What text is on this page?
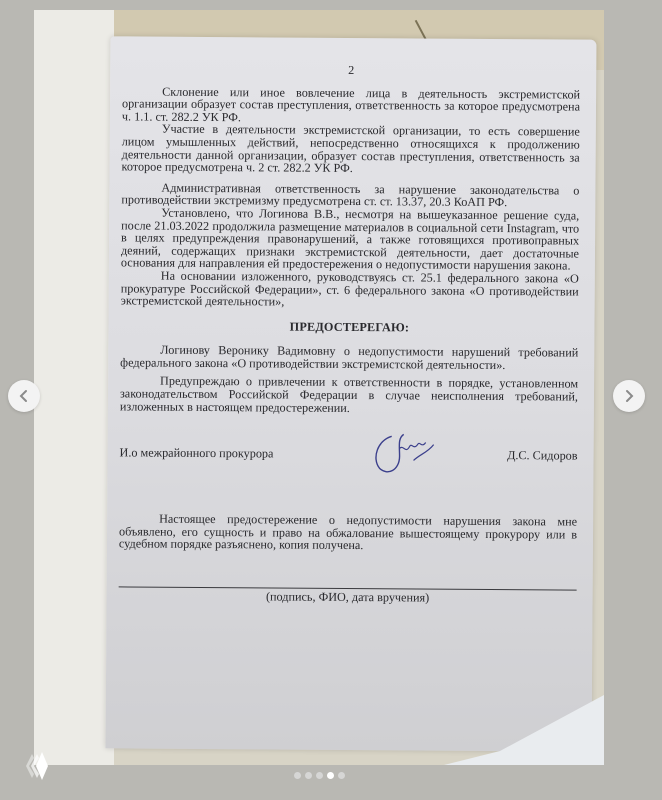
2

Склонение или иное вовлечение лица в деятельность экстремистской организации образует состав преступления, ответственность за которое предусмотрена ч. 1.1. ст. 282.2 УК РФ.

Участие в деятельности экстремистской организации, то есть совершение лицом умышленных действий, непосредственно относящихся к продолжению деятельности данной организации, образует состав преступления, ответственность за которое предусмотрена ч. 2 ст. 282.2 УК РФ.

Административная ответственность за нарушение законодательства о противодействии экстремизму предусмотрена ст. ст. 13.37, 20.3 КоАП РФ.

Установлено, что Логинова В.В., несмотря на вышеуказанное решение суда, после 21.03.2022 продолжила размещение материалов в социальной сети Instagram, что в целях предупреждения правонарушений, а также готовящихся противоправных деяний, содержащих признаки экстремистской деятельности, дает достаточные основания для направления ей предостережения о недопустимости нарушения закона.

На основании изложенного, руководствуясь ст. 25.1 федерального закона «О прокуратуре Российской Федерации», ст. 6 федерального закона «О противодействии экстремистской деятельности»,

ПРЕДОСТЕРЕГАЮ:

Логинову Веронику Вадимовну о недопустимости нарушений требований федерального закона «О противодействии экстремистской деятельности».

Предупреждаю о привлечении к ответственности в порядке, установленном законодательством Российской Федерации в случае неисполнения требований, изложенных в настоящем предостережении.

И.о межрайонного прокурора	Д.С. Сидоров

Настоящее предостережение о недопустимости нарушения закона мне объявлено, его сущность и право на обжалование вышестоящему прокурору или в судебном порядке разъяснено, копия получена.

(подпись, ФИО, дата вручения)
